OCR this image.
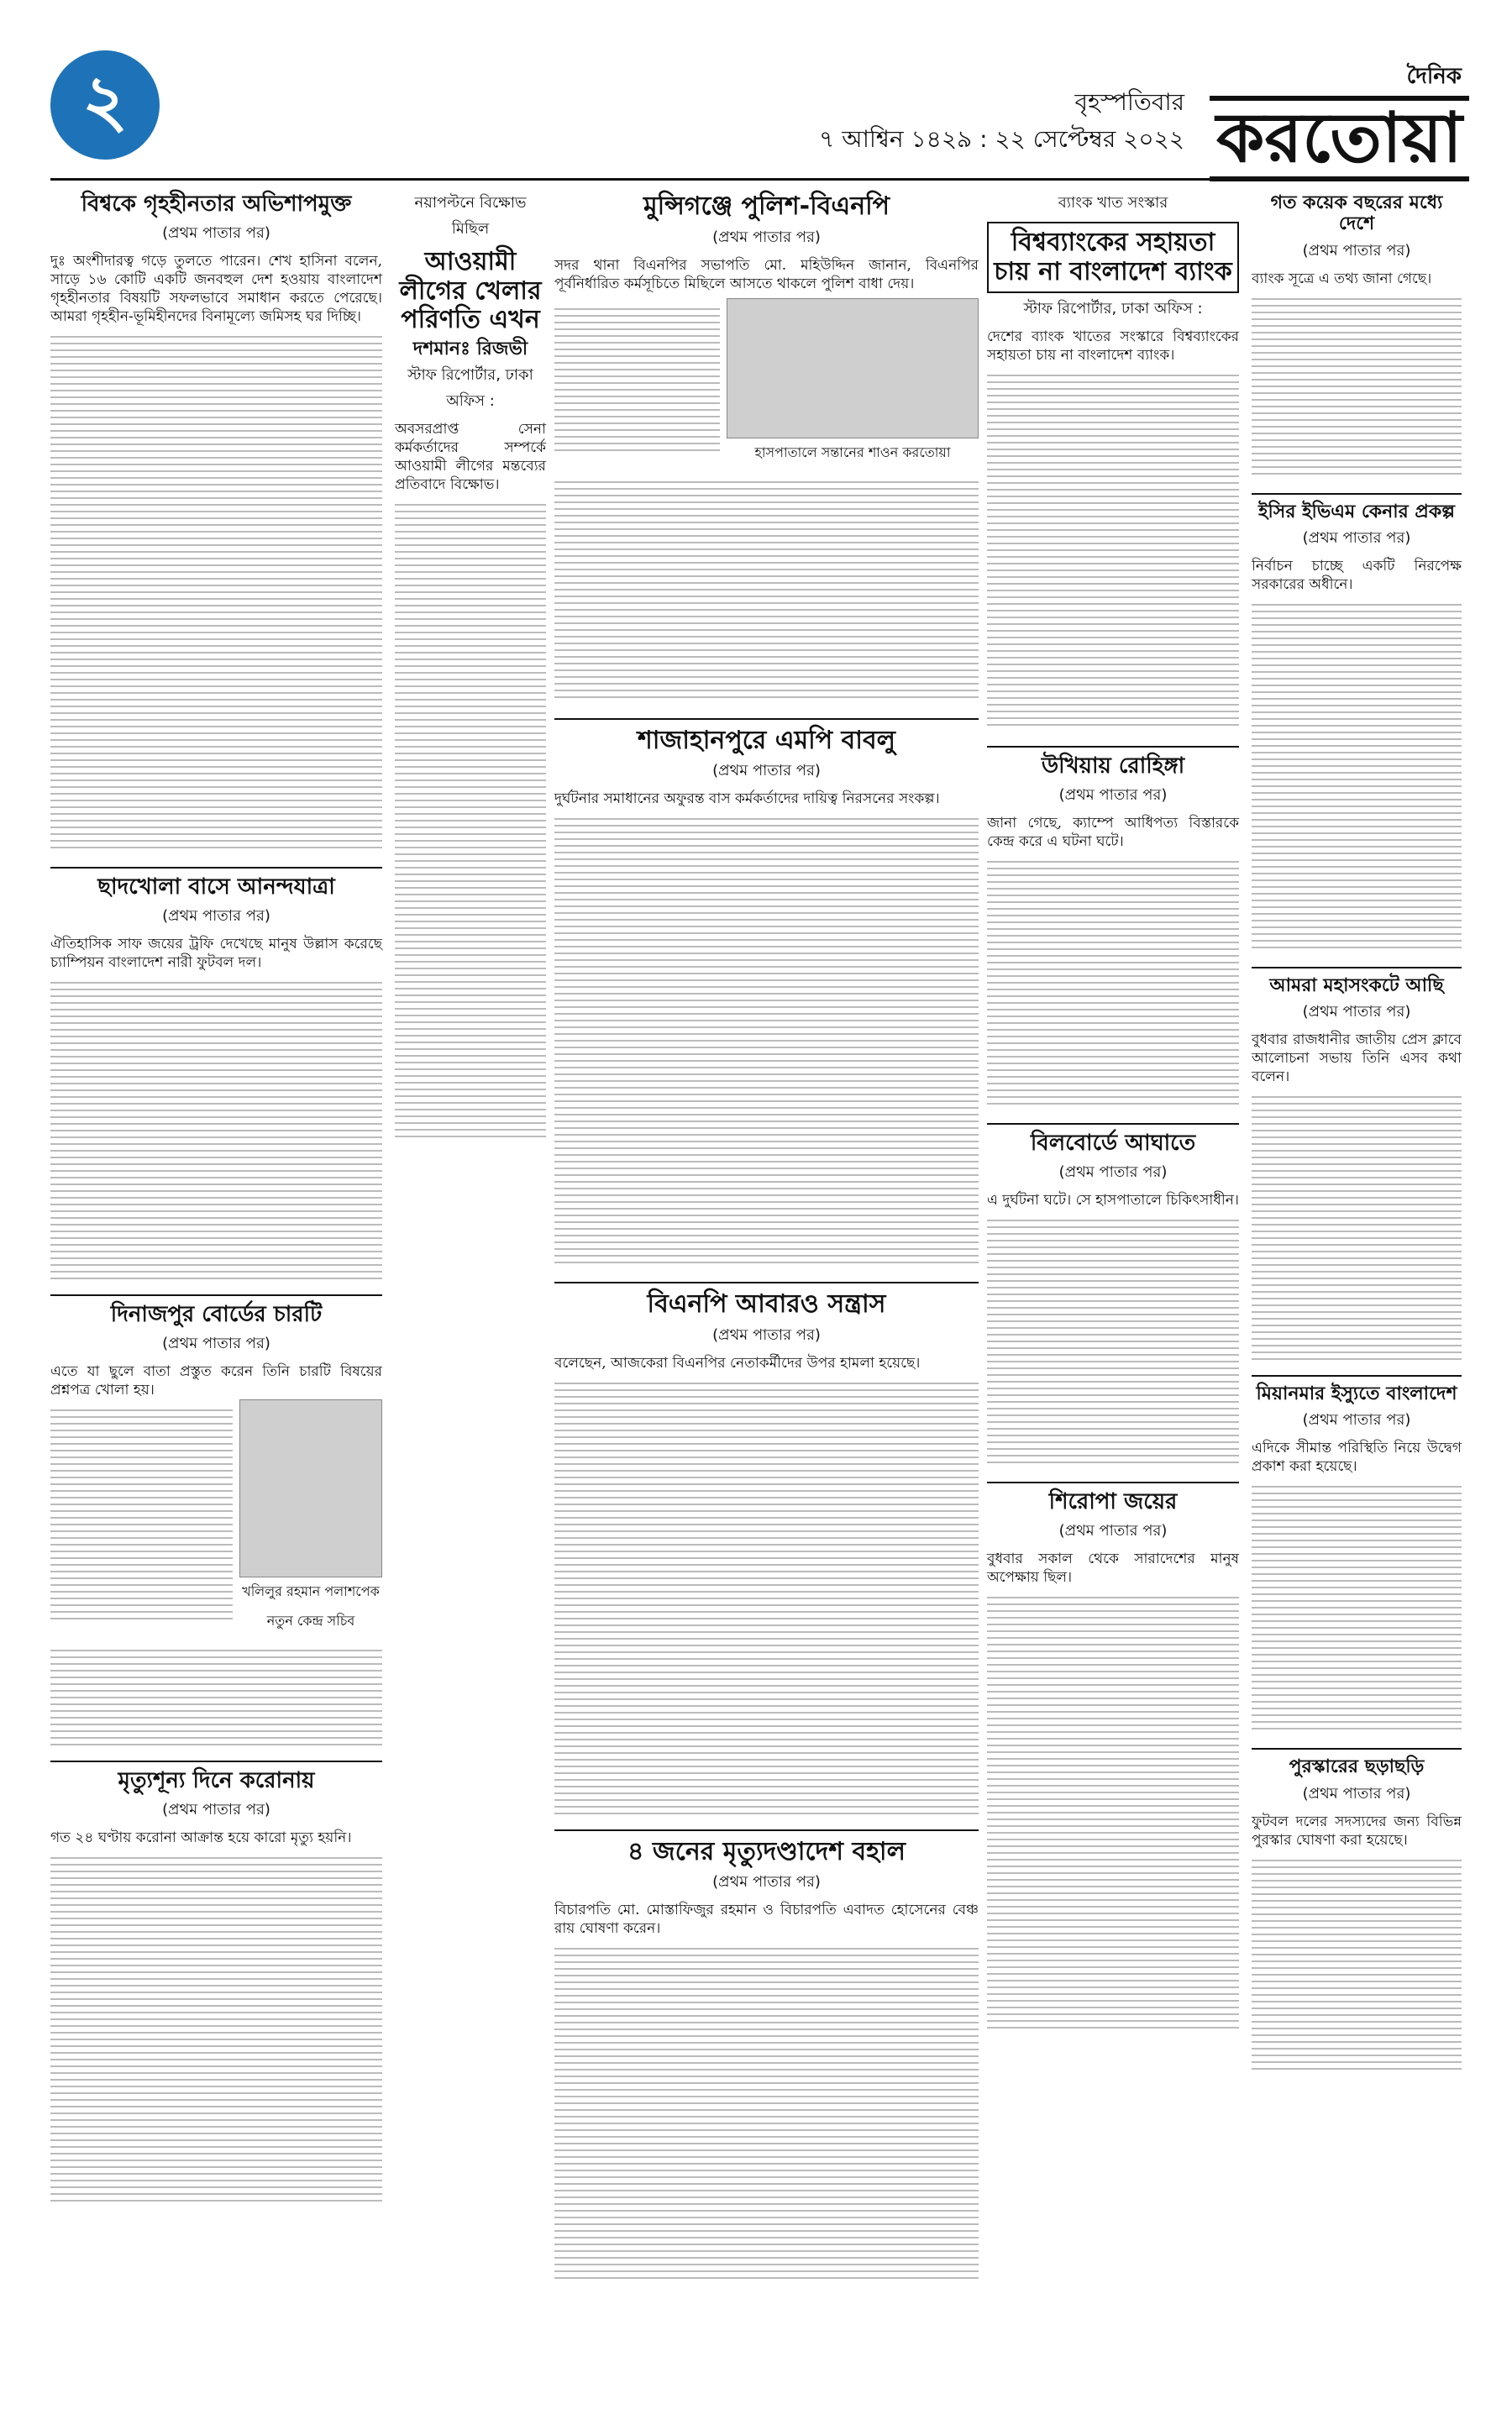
২	বৃহস্পতিবার
৭ আশ্বিন ১৪২৯ : ২২ সেপ্টেম্বর ২০২২
দৈনিক
করতোয়া
বিশ্বকে গৃহহীনতার অভিশাপমুক্ত
(প্রথম পাতার পর)
দুঃ অংশীদারত্ব গড়ে তুলতে পারেন। শেখ হাসিনা বলেন, সাড়ে ১৬ কোটি একটি জনবহুল দেশ হওয়ায় বাংলাদেশ গৃহহীনতার বিষয়টি সফলভাবে সমাধান করতে পেরেছে। আমরা গৃহহীন-ভূমিহীনদের বিনামূল্যে জমিসহ ঘর দিচ্ছি।
ছাদখোলা বাসে আনন্দযাত্রা
(প্রথম পাতার পর)
ঐতিহাসিক সাফ জয়ের ট্রফি দেখেছে মানুষ উল্লাস করেছে চ্যাম্পিয়ন বাংলাদেশ নারী ফুটবল দল।
দিনাজপুর বোর্ডের চারটি
(প্রথম পাতার পর)
এতে যা ছুলে বাতা প্রস্তুত করেন তিনি চারটি বিষয়ের প্রশ্নপত্র খোলা হয়।
খলিলুর রহমান পলাশপেক
নতুন কেন্দ্র সচিব
মৃত্যুশূন্য দিনে করোনায়
(প্রথম পাতার পর)
গত ২৪ ঘণ্টায় করোনা আক্রান্ত হয়ে কারো মৃত্যু হয়নি।
নয়াপল্টনে বিক্ষোভ মিছিল
আওয়ামী লীগের খেলার পরিণতি এখন
দশমানঃ রিজভী
স্টাফ রিপোর্টার, ঢাকা অফিস :
অবসরপ্রাপ্ত সেনা কর্মকর্তাদের সম্পর্কে আওয়ামী লীগের মন্তব্যের প্রতিবাদে বিক্ষোভ।
মুন্সিগঞ্জে পুলিশ-বিএনপি
(প্রথম পাতার পর)
সদর থানা বিএনপির সভাপতি মো. মহিউদ্দিন জানান, বিএনপির পূর্বনির্ধারিত কর্মসূচিতে মিছিলে আসতে থাকলে পুলিশ বাধা দেয়।
হাসপাতালে সন্তানের শাওন করতোয়া
শাজাহানপুরে এমপি বাবলু
(প্রথম পাতার পর)
দুর্ঘটনার সমাধানের অফুরন্ত বাস কর্মকর্তাদের দায়িত্ব নিরসনের সংকল্প।
বিএনপি আবারও সন্ত্রাস
(প্রথম পাতার পর)
বলেছেন, আজকেরা বিএনপির নেতাকর্মীদের উপর হামলা হয়েছে।
৪ জনের মৃত্যুদণ্ডাদেশ বহাল
(প্রথম পাতার পর)
বিচারপতি মো. মোস্তাফিজুর রহমান ও বিচারপতি এবাদত হোসেনের বেঞ্চ রায় ঘোষণা করেন।
ব্যাংক খাত সংস্কার
বিশ্বব্যাংকের সহায়তা চায় না বাংলাদেশ ব্যাংক
স্টাফ রিপোর্টার, ঢাকা অফিস :
দেশের ব্যাংক খাতের সংস্কারে বিশ্বব্যাংকের সহায়তা চায় না বাংলাদেশ ব্যাংক।
উখিয়ায় রোহিঙ্গা
(প্রথম পাতার পর)
জানা গেছে, ক্যাম্পে আধিপত্য বিস্তারকে কেন্দ্র করে এ ঘটনা ঘটে।
বিলবোর্ডে আঘাতে
(প্রথম পাতার পর)
এ দুর্ঘটনা ঘটে। সে হাসপাতালে চিকিৎসাধীন।
শিরোপা জয়ের
(প্রথম পাতার পর)
বুধবার সকাল থেকে সারাদেশের মানুষ অপেক্ষায় ছিল।
গত কয়েক বছরের মধ্যে দেশে
(প্রথম পাতার পর)
ব্যাংক সূত্রে এ তথ্য জানা গেছে।
ইসির ইভিএম কেনার প্রকল্প
(প্রথম পাতার পর)
নির্বাচন চাচ্ছে একটি নিরপেক্ষ সরকারের অধীনে।
আমরা মহাসংকটে আছি
(প্রথম পাতার পর)
বুধবার রাজধানীর জাতীয় প্রেস ক্লাবে আলোচনা সভায় তিনি এসব কথা বলেন।
মিয়ানমার ইস্যুতে বাংলাদেশ
(প্রথম পাতার পর)
এদিকে সীমান্ত পরিস্থিতি নিয়ে উদ্বেগ প্রকাশ করা হয়েছে।
পুরস্কারের ছড়াছড়ি
(প্রথম পাতার পর)
ফুটবল দলের সদস্যদের জন্য বিভিন্ন পুরস্কার ঘোষণা করা হয়েছে।
